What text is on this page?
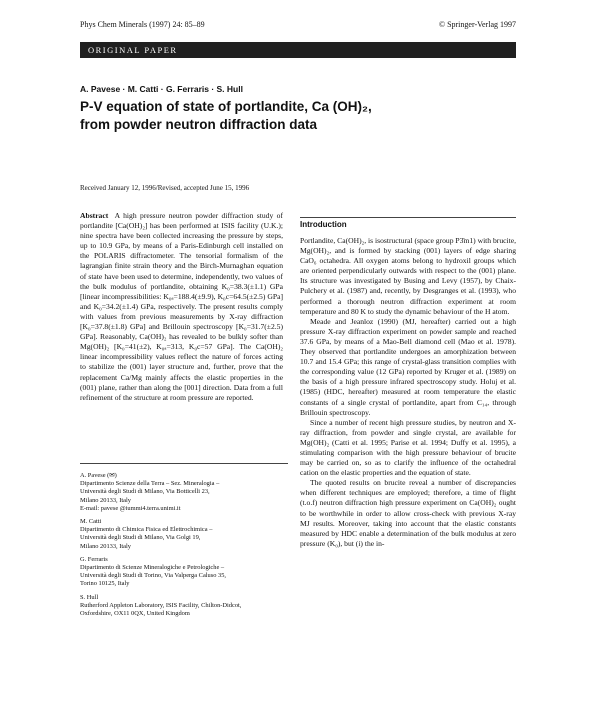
Phys Chem Minerals (1997) 24: 85–89	© Springer-Verlag 1997
ORIGINAL PAPER
A. Pavese · M. Catti · G. Ferraris · S. Hull
P-V equation of state of portlandite, Ca (OH)₂,
from powder neutron diffraction data
Received January 12, 1996/Revised, accepted June 15, 1996

Abstract A high pressure neutron powder diffraction study of portlandite [Ca(OH)₂] has been performed at ISIS facility (U.K.); nine spectra have been collected increasing the pressure by steps, up to 10.9 GPa, by means of a Paris-Edinburgh cell installed on the POLARIS diffractometer. The tensorial formalism of the lagrangian finite strain theory and the Birch-Murnaghan equation of state have been used to determine, independently, two values of the bulk modulus of portlandite, obtaining K₀=38.3(±1.1) GPa [linear incompressibilities: K₀ₐ=188.4(±9.9), K₀c=64.5(±2.5) GPa] and K₀=34.2(±1.4) GPa, respectively. The present results comply with values from previous measurements by X-ray diffraction [K₀=37.8(±1.8) GPa] and Brillouin spectroscopy [K₀=31.7(±2.5) GPa]. Reasonably, Ca(OH)₂ has revealed to be bulkly softer than Mg(OH)₂ [K₀=41(±2), K₀ₐ=313, K₀c=57 GPa]. The Ca(OH)₂ linear incompressibility values reflect the nature of forces acting to stabilize the (001) layer structure and, further, prove that the replacement Ca/Mg mainly affects the elastic properties in the (001) plane, rather than along the [001] direction. Data from a full refinement of the structure at room pressure are reported.

A. Pavese (✉)
Dipartimento Scienze della Terra – Sez. Mineralogia –
Università degli Studi di Milano, Via Botticelli 23,
Milano 20133, Italy
E-mail: pavese @iummi4.terra.unimi.it
M. Catti
Dipartimento di Chimica Fisica ed Elettrochimica –
Università degli Studi di Milano, Via Golgi 19,
Milano 20133, Italy
G. Ferraris
Dipartimento di Scienze Mineralogiche e Petrologiche –
Università degli Studi di Torino, Via Valperga Caluso 35,
Torino 10125, Italy
S. Hull
Rutherford Appleton Laboratory, ISIS Facility, Chilton-Didcot,
Oxfordshire, OX11 0QX, United Kingdom
Introduction

Portlandite, Ca(OH)₂, is isostructural (space group P3̄m1) with brucite, Mg(OH)₂, and is formed by stacking (001) layers of edge sharing CaO₆ octahedra. All oxygen atoms belong to hydroxil groups which are oriented perpendicularly outwards with respect to the (001) plane. Its structure was investigated by Busing and Levy (1957), by Chaix-Pulchery et al. (1987) and, recently, by Desgranges et al. (1993), who performed a thorough neutron diffraction experiment at room temperature and 80 K to study the dynamic behaviour of the H atom.

Meade and Jeanloz (1990) (MJ, hereafter) carried out a high pressure X-ray diffraction experiment on powder sample and reached 37.6 GPa, by means of a Mao-Bell diamond cell (Mao et al. 1978). They observed that portlandite undergoes an amorphization between 10.7 and 15.4 GPa; this range of crystal-glass transition complies with the corresponding value (12 GPa) reported by Kruger et al. (1989) on the basis of a high pressure infrared spectroscopy study. Holuj et al. (1985) (HDC, hereafter) measured at room temperature the elastic constants of a single crystal of portlandite, apart from C₁₄, through Brillouin spectroscopy.

Since a number of recent high pressure studies, by neutron and X-ray diffraction, from powder and single crystal, are available for Mg(OH)₂ (Catti et al. 1995; Parise et al. 1994; Duffy et al. 1995), a stimulating comparison with the high pressure behaviour of brucite may be carried on, so as to clarify the influence of the octahedral cation on the elastic properties and the equation of state.

The quoted results on brucite reveal a number of discrepancies when different techniques are employed; therefore, a time of flight (t.o.f) neutron diffraction high pressure experiment on Ca(OH)₂ ought to be worthwhile in order to allow cross-check with previous X-ray MJ results. Moreover, taking into account that the elastic constants measured by HDC enable a determination of the bulk modulus at zero pressure (K₀), but (i) the in-
